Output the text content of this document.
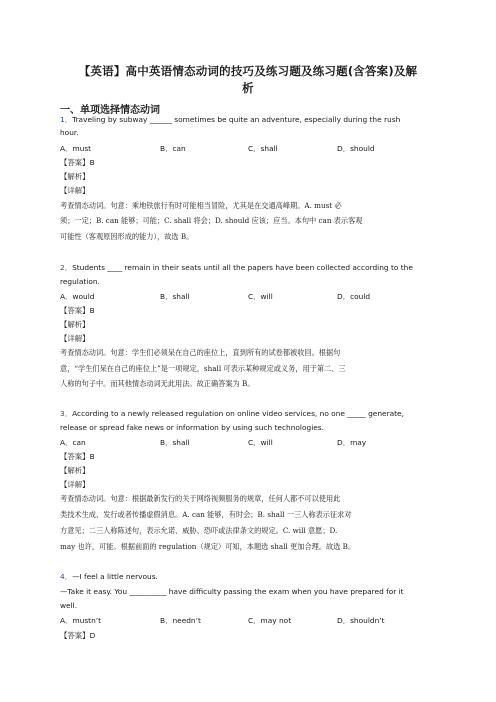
【英语】高中英语情态动词的技巧及练习题及练习题(含答案)及解
析
一、单项选择情态动词
1．Traveling by subway ______ sometimes be quite an adventure, especially during the rush
hour.
A．must	B．can	C．shall	D．should
【答案】B
【解析】
【详解】
考查情态动词。句意：乘地铁旅行有时可能相当冒险，尤其是在交通高峰期。A. must 必
须；一定；B. can 能够；可能；C. shall 将会；D. should 应该；应当。本句中 can 表示客观
可能性（客观原因形成的能力），故选 B。
2．Students ____ remain in their seats until all the papers have been collected according to the
regulation.
A．would	B．shall	C．will	D．could
【答案】B
【解析】
【详解】
考查情态动词。句意：学生们必须呆在自己的座位上，直到所有的试卷都被收回。根据句
意，“学生们呆在自己的座位上”是一项规定，shall 可表示某种规定或义务，用于第二、三
人称的句子中。而其他情态动词无此用法。故正确答案为 B。
3．According to a newly released regulation on online video services, no one _____ generate,
release or spread fake news or information by using such technologies.
A．can	B．shall	C．will	D．may
【答案】B
【解析】
【详解】
考查情态动词。句意：根据最新发行的关于网络视频服务的规章，任何人都不可以使用此
类技术生成、发行或者传播虚假消息。A. can 能够，有时会；B. shall 一三人称表示征求对
方意见；二三人称陈述句，表示允诺、威胁、恐吓或法律条文的规定。C. will 意愿；D.
may 也许，可能。根据前面的 regulation（规定）可知，本题选 shall 更加合理。故选 B。
4．—I feel a little nervous.
—Take it easy. You __________ have difficulty passing the exam when you have prepared for it
well.
A．mustn’t	B．needn’t	C．may not	D．shouldn’t
【答案】D
